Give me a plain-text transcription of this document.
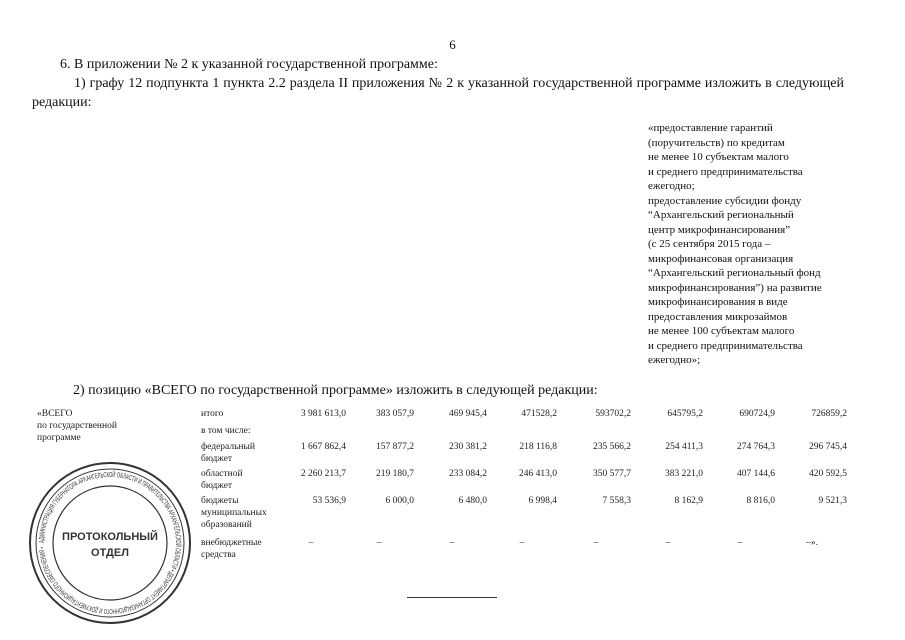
6
6. В приложении № 2 к указанной государственной программе:
1) графу 12 подпункта 1 пункта 2.2 раздела II приложения № 2 к указанной государственной программе изложить в следующей редакции:
«предоставление гарантий
(поручительств) по кредитам
не менее 10 субъектам малого
и среднего предпринимательства
ежегодно;
предоставление субсидии фонду
“Архангельский региональный
центр микрофинансирования”
(с 25 сентября 2015 года –
микрофинансовая организация
“Архангельский региональный фонд
микрофинансирования”) на развитие
микрофинансирования в виде
предоставления микрозаймов
не менее 100 субъектам малого
и среднего предпринимательства
ежегодно»;
2) позицию «ВСЕГО по государственной программе» изложить в следующей редакции:
«ВСЕГО
по государственной
программе
итого	3 981 613,0	383 057,9	469 945,4	471528,2	593702,2	645795,2	690724,9	726859,2
в том числе:
федеральный
бюджет
1 667 862,4	157 877,2	230 381,2	218 116,8	235 566,2	254 411,3	274 764,3	296 745,4
областной
бюджет
2 260 213,7	219 180,7	233 084,2	246 413,0	350 577,7	383 221,0	407 144,6	420 592,5
бюджеты
муниципальных
образований
53 536,9	6 000,0	6 480,0	6 998,4	7 558,3	8 162,9	8 816,0	9 521,3
внебюджетные
средства
–	–	–	–	–	–	–	–».
АДМИНИСТРАЦИЯ ГУБЕРНАТОРА АРХАНГЕЛЬСКОЙ ОБЛАСТИ И ПРАВИТЕЛЬСТВА АРХАНГЕЛЬСКОЙ ОБЛАСТИ • ДЕПАРТАМЕНТ ОРГАНИЗАЦИОННОГО И ДОКУМЕНТАЦИОННОГО ОБЕСПЕЧЕНИЯ •
ПРОТОКОЛЬНЫЙ
ОТДЕЛ
